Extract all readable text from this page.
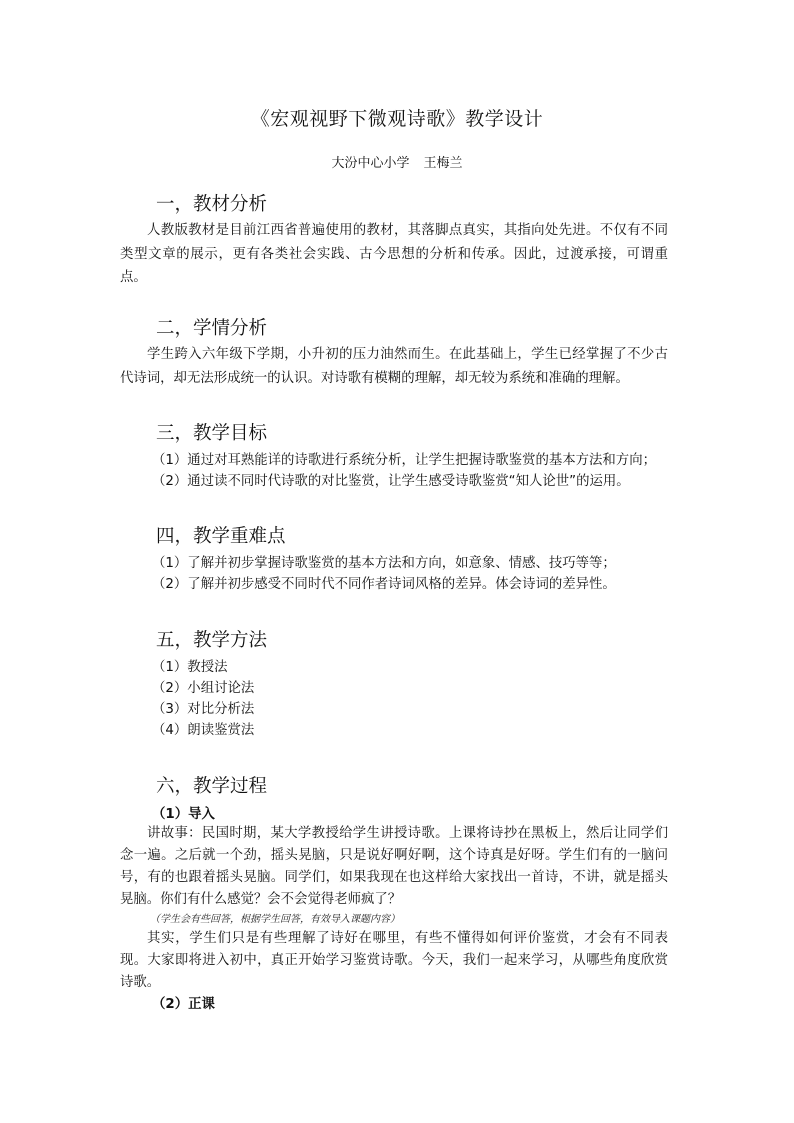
《宏观视野下微观诗歌》教学设计
大汾中心小学 王梅兰
一，教材分析

人教版教材是目前江西省普遍使用的教材，其落脚点真实，其指向处先进。不仅有不同类型文章的展示，更有各类社会实践、古今思想的分析和传承。因此，过渡承接，可谓重点。

二，学情分析

学生跨入六年级下学期，小升初的压力油然而生。在此基础上，学生已经掌握了不少古代诗词，却无法形成统一的认识。对诗歌有模糊的理解，却无较为系统和准确的理解。

三，教学目标
（1）通过对耳熟能详的诗歌进行系统分析，让学生把握诗歌鉴赏的基本方法和方向；
（2）通过读不同时代诗歌的对比鉴赏，让学生感受诗歌鉴赏“知人论世”的运用。
四，教学重难点
（1）了解并初步掌握诗歌鉴赏的基本方法和方向，如意象、情感、技巧等等；
（2）了解并初步感受不同时代不同作者诗词风格的差异。体会诗词的差异性。
五，教学方法
（1）教授法
（2）小组讨论法
（3）对比分析法
（4）朗读鉴赏法
六，教学过程
（1）导入

讲故事：民国时期，某大学教授给学生讲授诗歌。上课将诗抄在黑板上，然后让同学们念一遍。之后就一个劲，摇头晃脑，只是说好啊好啊，这个诗真是好呀。学生们有的一脑问号，有的也跟着摇头晃脑。同学们，如果我现在也这样给大家找出一首诗，不讲，就是摇头晃脑。你们有什么感觉？会不会觉得老师疯了？

（学生会有些回答，根据学生回答，有效导入课题内容）

其实，学生们只是有些理解了诗好在哪里，有些不懂得如何评价鉴赏，才会有不同表现。大家即将进入初中，真正开始学习鉴赏诗歌。今天，我们一起来学习，从哪些角度欣赏诗歌。

（2）正课
